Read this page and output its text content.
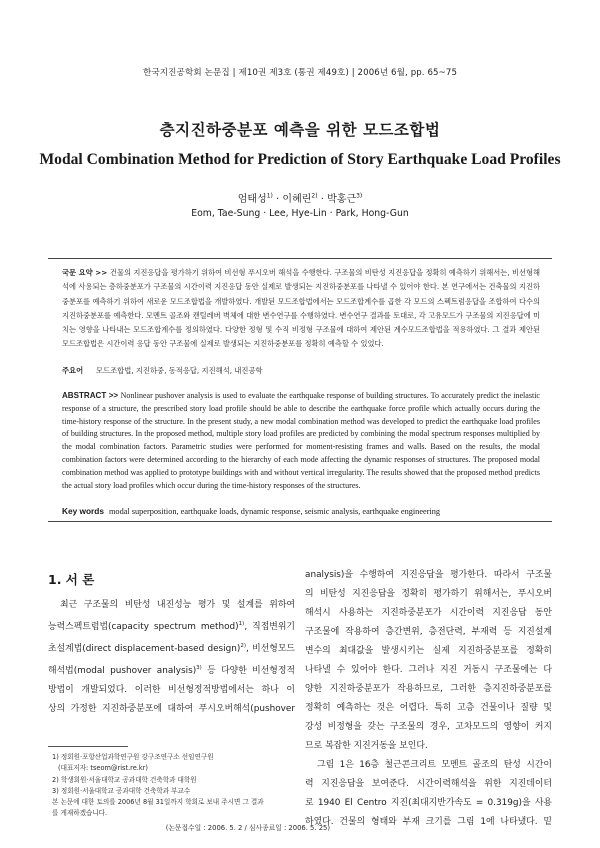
한국지진공학회 논문집 | 제10권 제3호 (통권 제49호) | 2006년 6월, pp. 65~75
층지진하중분포 예측을 위한 모드조합법
Modal Combination Method for Prediction of Story Earthquake Load Profiles
엄태성$^{1)}$ · 이혜린$^{2)}$ · 박홍근$^{3)}$
Eom, Tae-Sung · Lee, Hye-Lin · Park, Hong-Gun
국문 요약 >> 건물의 지진응답을 평가하기 위하여 비선형 푸시오버 해석을 수행한다. 구조물의 비탄성 지진응답을 정확히 예측하기 위해서는, 비선형해석에 사용되는 층하중분포가 구조물의 시간이력 지진응답 동안 실제로 발생되는 지진하중분포를 나타낼 수 있어야 한다. 본 연구에서는 건축물의 지진하중분포를 예측하기 위하여 새로운 모드조합법을 개발하였다. 개발된 모드조합법에서는 모드조합계수를 곱한 각 모드의 스펙트럼응답을 조합하여 다수의 지진하중분포를 예측한다. 모멘트 골조와 캔틸레버 벽체에 대한 변수연구를 수행하였다. 변수연구 결과를 토대로, 각 고유모드가 구조물의 지진응답에 미치는 영향을 나타내는 모드조합계수를 정의하였다. 다양한 정형 및 수직 비정형 구조물에 대하여 제안된 계수모드조합법을 적용하였다. 그 결과 제안된 모드조합법은 시간이력 응답 동안 구조물에 실제로 발생되는 지진하중분포를 정확히 예측할 수 있었다.
주요어 모드조합법, 지진하중, 동적응답, 지진해석, 내진공학
ABSTRACT >> Nonlinear pushover analysis is used to evaluate the earthquake response of building structures. To accurately predict the inelastic response of a structure, the prescribed story load profile should be able to describe the earthquake force profile which actually occurs during the time-history response of the structure. In the present study, a new modal combination method was developed to predict the earthquake load profiles of building structures. In the proposed method, multiple story load profiles are predicted by combining the modal spectrum responses multiplied by the modal combination factors. Parametric studies were performed for moment-resisting frames and walls. Based on the results, the modal combination factors were determined according to the hierarchy of each mode affecting the dynamic responses of structures. The proposed modal combination method was applied to prototype buildings with and without vertical irregularity. The results showed that the proposed method predicts the actual story load profiles which occur during the time-history responses of the structures.
Key words modal superposition, earthquake loads, dynamic response, seismic analysis, earthquake engineering
1. 서 론
최근 구조물의 비탄성 내진성능 평가 및 설계를 위하여
능력스펙트럼법(capacity spectrum method)$^{1)}$, 직접변위기
초설계법(direct displacement-based design)$^{2)}$, 비선형모드
해석법(modal pushover analysis)$^{3)}$ 등 다양한 비선형정적
방법이 개발되었다. 이러한 비선형정적방법에서는 하나 이
상의 가정한 지진하중분포에 대하여 푸시오버해석(pushover
analysis)을 수행하여 지진응답을 평가한다. 따라서 구조물
의 비탄성 지진응답을 정확히 평가하기 위해서는, 푸시오버
해석시 사용하는 지진하중분포가 시간이력 지진응답 동안
구조물에 작용하여 층간변위, 층전단력, 부재력 등 지진설계
변수의 최대값을 발생시키는 실제 지진하중분포를 정확히
나타낼 수 있어야 한다. 그러나 지진 거동시 구조물에는 다
양한 지진하중분포가 작용하므로, 그러한 층지진하중분포를
정확히 예측하는 것은 어렵다. 특히 고층 건물이나 질량 및
강성 비정형을 갖는 구조물의 경우, 고차모드의 영향이 커지
므로 복잡한 지진거동을 보인다.
그림 1은 16층 철근콘크리트 모멘트 골조의 탄성 시간이
력 지진응답을 보여준다. 시간이력해석을 위한 지진데이터
로 1940 El Centro 지진(최대지반가속도 = 0.319g)을 사용
하였다. 건물의 형태와 부재 크기를 그림 1에 나타냈다. 밑
1) 정회원·포항산업과학연구원 강구조연구소 선임연구원
(대표저자: tseom@rist.re.kr)
2) 학생회원·서울대학교 공과대학 건축학과 대학원
3) 정회원·서울대학교 공과대학 건축학과 부교수
본 논문에 대한 토의를 2006년 8월 31일까지 학회로 보내 주시면 그 결과
를 게재하겠습니다.
(논문접수일 : 2006. 5. 2 / 심사종료일 : 2006. 5. 25)
